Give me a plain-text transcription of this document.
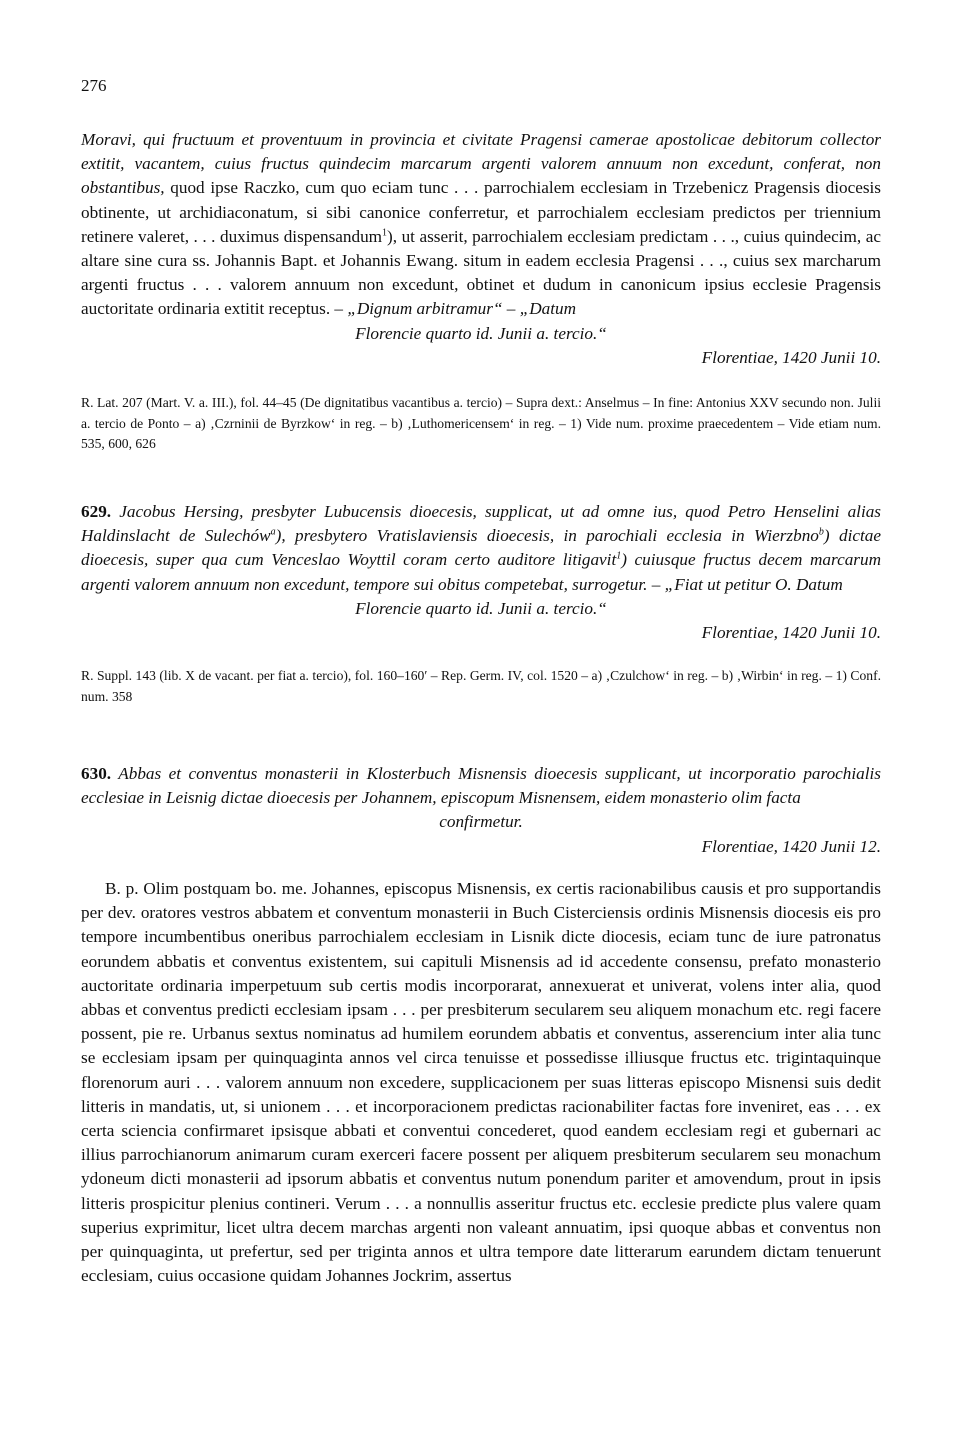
276

Moravi, qui fructuum et proventuum in provincia et civitate Pragensi camerae apostolicae debitorum collector extitit, vacantem, cuius fructus quindecim marcarum argenti valorem annuum non excedunt, conferat, non obstantibus, quod ipse Raczko, cum quo eciam tunc . . . parrochialem ecclesiam in Trzebenicz Pragensis diocesis obtinente, ut archidiaconatum, si sibi canonice conferretur, et parrochialem ecclesiam predictos per triennium retinere valeret, . . . duximus dispensandum$^1$), ut asserit, parrochialem ecclesiam predictam . . ., cuius quindecim, ac altare sine cura ss. Johannis Bapt. et Johannis Ewang. situm in eadem ecclesia Pragensi . . ., cuius sex marcharum argenti fructus . . . valorem annuum non excedunt, obtinet et dudum in canonicum ipsius ecclesie Pragensis auctoritate ordinaria extitit receptus. – „Dignum arbitramur“ – „Datum

Florencie quarto id. Junii a. tercio.“

Florentiae, 1420 Junii 10.

R. Lat. 207 (Mart. V. a. III.), fol. 44–45 (De dignitatibus vacantibus a. tercio) – Supra dext.: Anselmus – In fine: Antonius XXV secundo non. Julii a. tercio de Ponto – a) ‚Czrninii de Byrzkow‘ in reg. – b) ‚Luthomericensem‘ in reg. – 1) Vide num. proxime praecedentem – Vide etiam num. 535, 600, 626

629. Jacobus Hersing, presbyter Lubucensis dioecesis, supplicat, ut ad omne ius, quod Petro Henselini alias Haldinslacht de Sulechów$^a$), presbytero Vratislaviensis dioecesis, in parochiali ecclesia in Wierzbno$^b$) dictae dioecesis, super qua cum Venceslao Woyttil coram certo auditore litigavit$^1$) cuiusque fructus decem marcarum argenti valorem annuum non excedunt, tempore sui obitus competebat, surrogetur. – „Fiat ut petitur O. Datum

Florencie quarto id. Junii a. tercio.“

Florentiae, 1420 Junii 10.

R. Suppl. 143 (lib. X de vacant. per fiat a. tercio), fol. 160–160′ – Rep. Germ. IV, col. 1520 – a) ‚Czulchow‘ in reg. – b) ‚Wirbin‘ in reg. – 1) Conf. num. 358

630. Abbas et conventus monasterii in Klosterbuch Misnensis dioecesis supplicant, ut incorporatio parochialis ecclesiae in Leisnig dictae dioecesis per Johannem, episcopum Misnensem, eidem monasterio olim facta

confirmetur.

Florentiae, 1420 Junii 12.

B. p. Olim postquam bo. me. Johannes, episcopus Misnensis, ex certis racionabilibus causis et pro supportandis per dev. oratores vestros abbatem et conventum monasterii in Buch Cisterciensis ordinis Misnensis diocesis eis pro tempore incumbentibus oneribus parrochialem ecclesiam in Lisnik dicte diocesis, eciam tunc de iure patronatus eorundem abbatis et conventus existentem, sui capituli Misnensis ad id accedente consensu, prefato monasterio auctoritate ordinaria imperpetuum sub certis modis incorporarat, annexuerat et univerat, volens inter alia, quod abbas et conventus predicti ecclesiam ipsam . . . per presbiterum secularem seu aliquem monachum etc. regi facere possent, pie re. Urbanus sextus nominatus ad humilem eorundem abbatis et conventus, asserencium inter alia tunc se ecclesiam ipsam per quinquaginta annos vel circa tenuisse et possedisse illiusque fructus etc. trigintaquinque florenorum auri . . . valorem annuum non excedere, supplicacionem per suas litteras episcopo Misnensi suis dedit litteris in mandatis, ut, si unionem . . . et incorporacionem predictas racionabiliter factas fore inveniret, eas . . . ex certa sciencia confirmaret ipsisque abbati et conventui concederet, quod eandem ecclesiam regi et gubernari ac illius parrochianorum animarum curam exerceri facere possent per aliquem presbiterum secularem seu monachum ydoneum dicti monasterii ad ipsorum abbatis et conventus nutum ponendum pariter et amovendum, prout in ipsis litteris prospicitur plenius contineri. Verum . . . a nonnullis asseritur fructus etc. ecclesie predicte plus valere quam superius exprimitur, licet ultra decem marchas argenti non valeant annuatim, ipsi quoque abbas et conventus non per quinquaginta, ut prefertur, sed per triginta annos et ultra tempore date litterarum earundem dictam tenuerunt ecclesiam, cuius occasione quidam Johannes Jockrim, assertus
